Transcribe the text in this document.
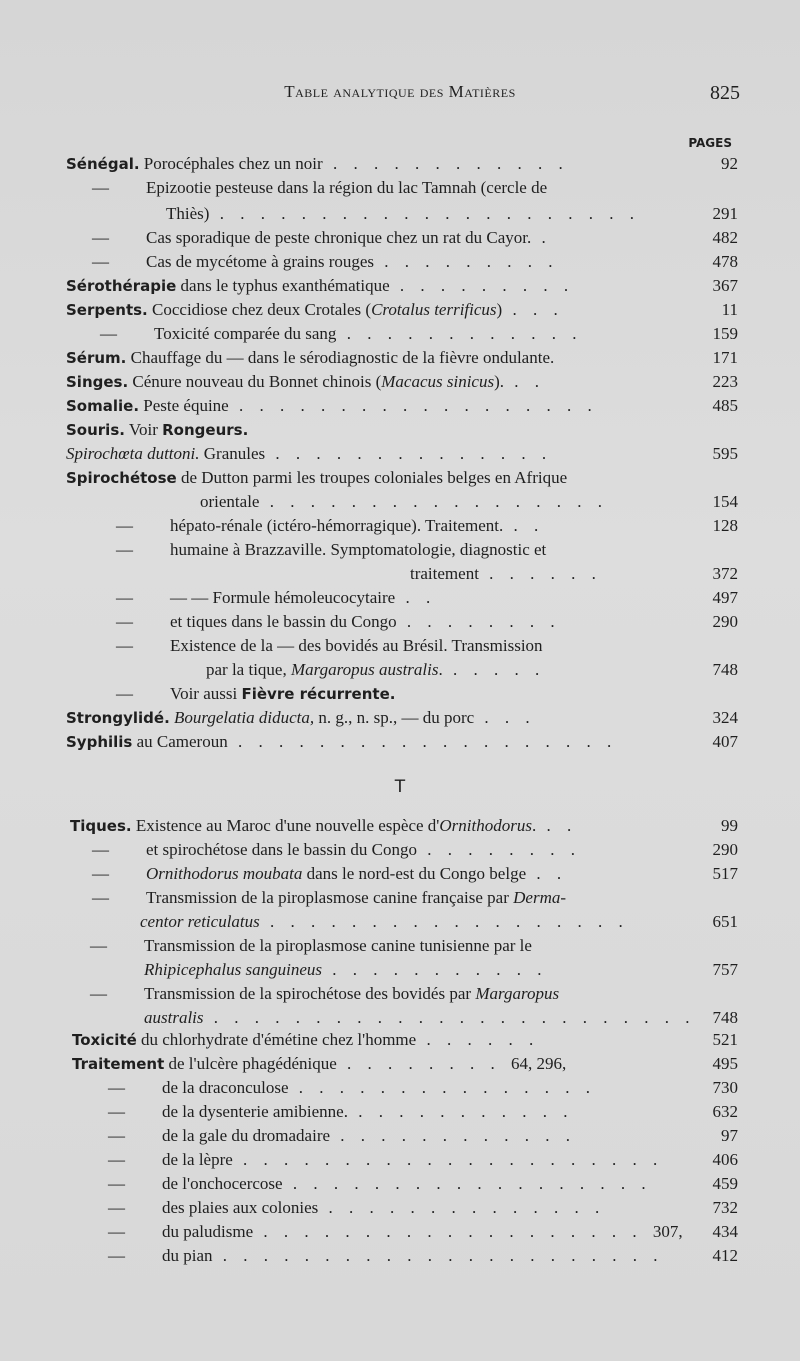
Table analytique des Matières	825
PAGES
T
Sénégal. Porocéphales chez un noir . . . . . . . . . . . .	92
— Epizootie pesteuse dans la région du lac Tamnah (cercle de
Thiès) . . . . . . . . . . . . . . . . . . . . .	291
— Cas sporadique de peste chronique chez un rat du Cayor. .	482
— Cas de mycétome à grains rouges . . . . . . . . .	478
Sérothérapie dans le typhus exanthématique . . . . . . . . .	367
Serpents. Coccidiose chez deux Crotales (Crotalus terrificus) . . .	11
— Toxicité comparée du sang . . . . . . . . . . . .	159
Sérum. Chauffage du — dans le sérodiagnostic de la fièvre ondulante.	171
Singes. Cénure nouveau du Bonnet chinois (Macacus sinicus). . .	223
Somalie. Peste équine . . . . . . . . . . . . . . . . . .	485
Souris. Voir Rongeurs.
Spirochœta duttoni. Granules . . . . . . . . . . . . . .	595
Spirochétose de Dutton parmi les troupes coloniales belges en Afrique
orientale . . . . . . . . . . . . . . . . .	154
— hépato-rénale (ictéro-hémorragique). Traitement. . .	128
— humaine à Brazzaville. Symptomatologie, diagnostic et
traitement . . . . . .	372
— — — Formule hémoleucocytaire . .	497
— et tiques dans le bassin du Congo . . . . . . . .	290
— Existence de la — des bovidés au Brésil. Transmission
par la tique, Margaropus australis. . . . . .	748
— Voir aussi Fièvre récurrente.
Strongylidé. Bourgelatia diducta, n. g., n. sp., — du porc . . .	324
Syphilis au Cameroun . . . . . . . . . . . . . . . . . . .	407
Tiques. Existence au Maroc d'une nouvelle espèce d'Ornithodorus. . .	99
— et spirochétose dans le bassin du Congo . . . . . . . .	290
— Ornithodorus moubata dans le nord-est du Congo belge . .	517
— Transmission de la piroplasmose canine française par Derma-
centor reticulatus . . . . . . . . . . . . . . . . . .	651
— Transmission de la piroplasmose canine tunisienne par le
Rhipicephalus sanguineus . . . . . . . . . . .	757
— Transmission de la spirochétose des bovidés par Margaropus
australis . . . . . . . . . . . . . . . . . . . . . . . . 748
Toxicité du chlorhydrate d'émétine chez l'homme . . . . . .	521
Traitement de l'ulcère phagédénique . . . . . . . . 64, 296,	495
— de la draconculose . . . . . . . . . . . . . . .	730
— de la dysenterie amibienne. . . . . . . . . . . .	632
— de la gale du dromadaire . . . . . . . . . . . .	97
— de la lèpre . . . . . . . . . . . . . . . . . . . . .	406
— de l'onchocercose . . . . . . . . . . . . . . . . . .	459
— des plaies aux colonies . . . . . . . . . . . . . .	732
— du paludisme . . . . . . . . . . . . . . . . . . . 307,	434
— du pian . . . . . . . . . . . . . . . . . . . . . .	412
